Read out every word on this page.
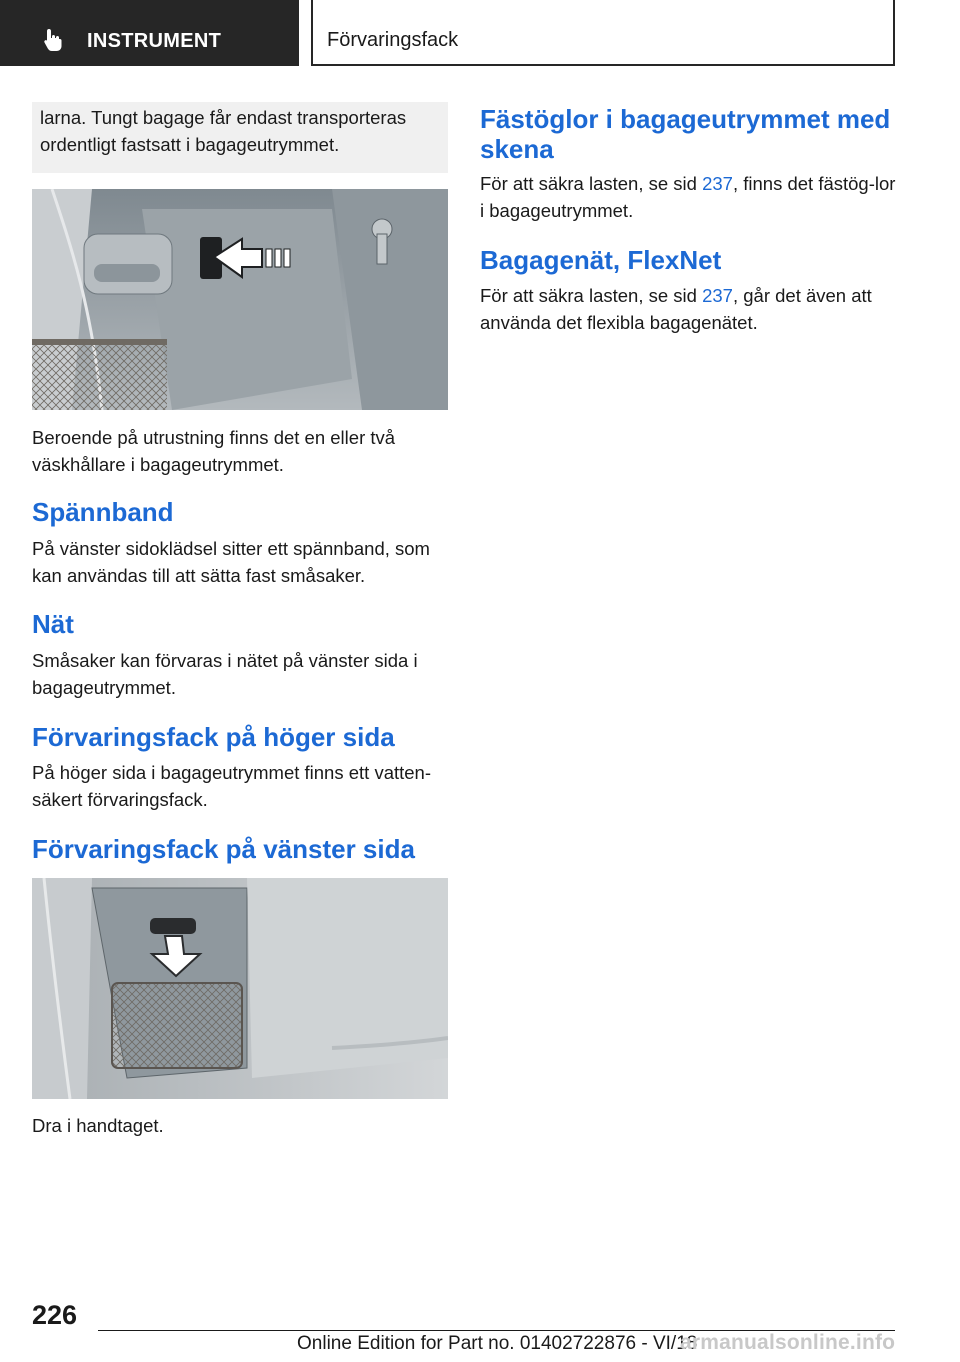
INSTRUMENT	Förvaringsfack

larna. Tungt bagage får endast transporteras ordentligt fastsatt i bagageutrymmet.

Beroende på utrustning finns det en eller två väskhållare i bagageutrymmet.

Spännband

På vänster sidoklädsel sitter ett spännband, som kan användas till att sätta fast småsaker.

Nät

Småsaker kan förvaras i nätet på vänster sida i bagageutrymmet.

Förvaringsfack på höger sida

På höger sida i bagageutrymmet finns ett vatten-säkert förvaringsfack.

Förvaringsfack på vänster sida

Dra i handtaget.

Fästöglor i bagageutrymmet med skena

För att säkra lasten, se sid 237, finns det fästög-lor i bagageutrymmet.

Bagagenät, FlexNet

För att säkra lasten, se sid 237, går det även att använda det flexibla bagagenätet.

226
Online Edition for Part no. 01402722876 - VI/18
armanualsonline.info
